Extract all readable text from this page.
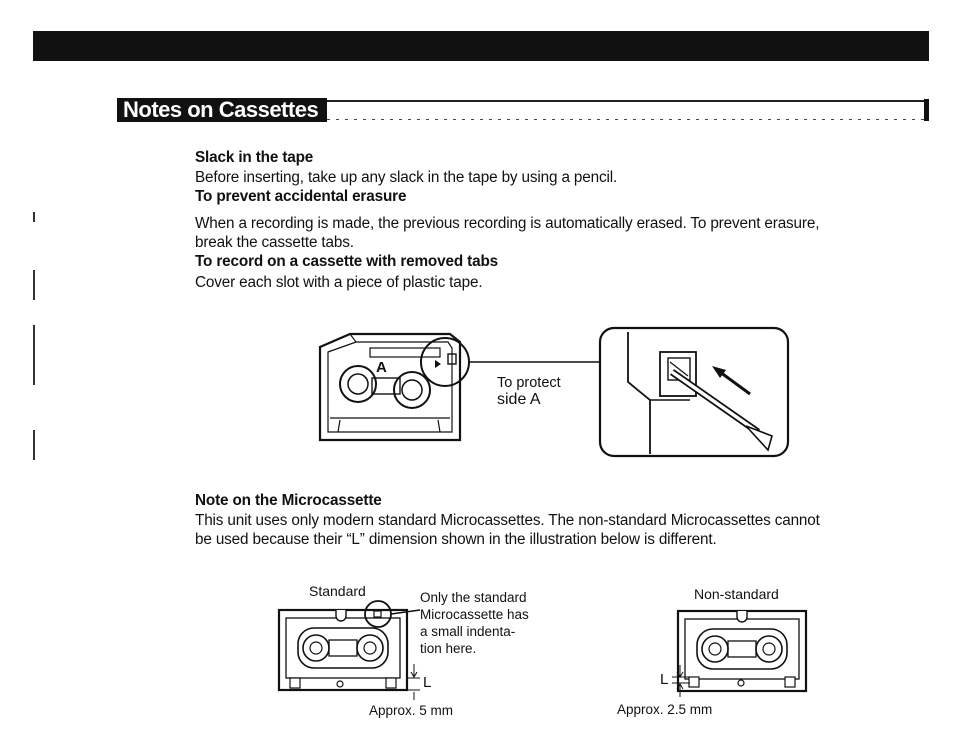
Notes on Cassettes
Slack in the tape
Before inserting, take up any slack in the tape by using a pencil.
To prevent accidental erasure
When a recording is made, the previous recording is automatically erased. To prevent erasure,
break the cassette tabs.
To record on a cassette with removed tabs
Cover each slot with a piece of plastic tape.
A
To protect
side A
Note on the Microcassette
This unit uses only modern standard Microcassettes. The non-standard Microcassettes cannot
be used because their “L” dimension shown in the illustration below is different.
Standard	Non-standard
Only the standard
Microcassette has
a small indenta-
tion here.
L
Approx. 5 mm
L
Approx. 2.5 mm
